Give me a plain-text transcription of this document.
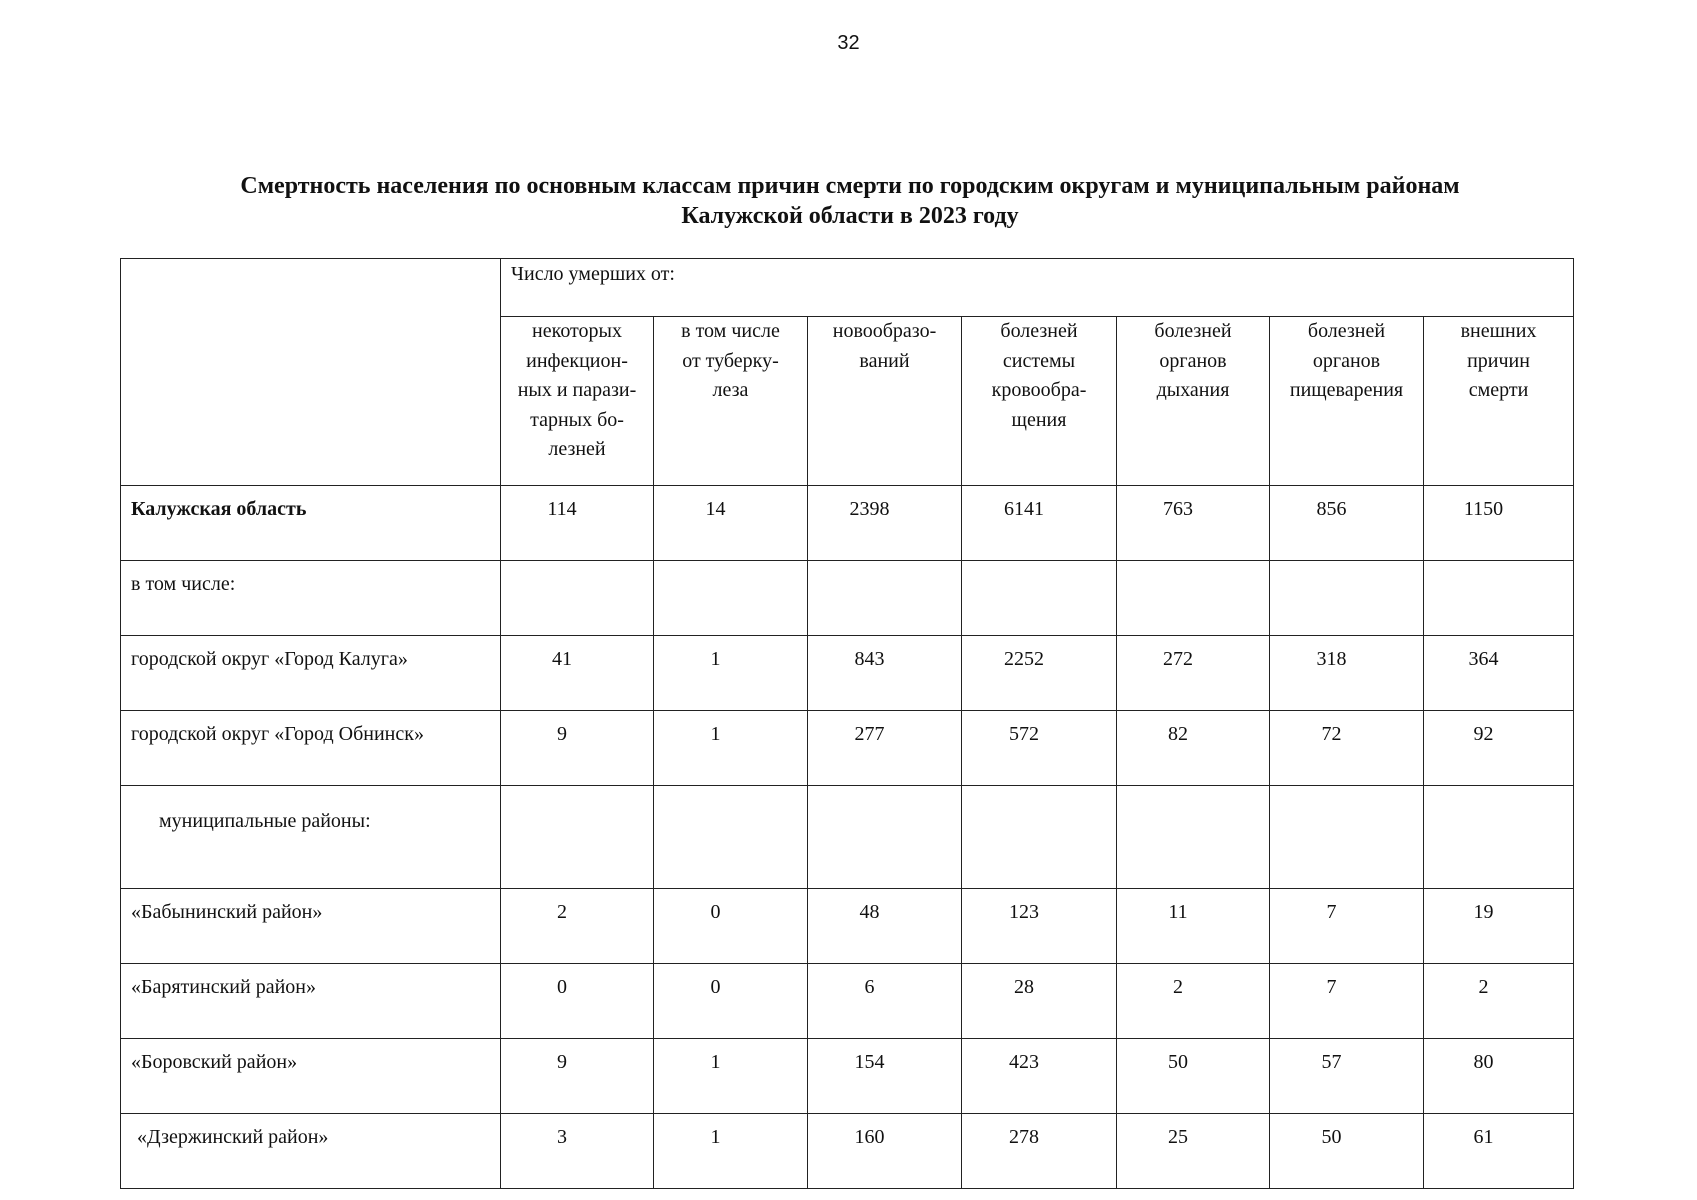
32
Смертность населения по основным классам причин смерти по городским округам и муниципальным районам
Калужской области в 2023 году
	Число умерших от:						

	некоторых
инфекцион-
ных и парази-
тарных бо-
лезней	в том числе
от туберку-
леза	новообразо-
ваний	болезней
системы
кровообра-
щения	болезней
органов
дыхания	болезней
органов
пищеварения	внешних
причин
смерти

Калужская область	114	14	2398	6141	763	856	1150
в том числе:							
городской округ «Город Калуга»	41	1	843	2252	272	318	364
городской округ «Город Обнинск»	9	1	277	572	82	72	92
муниципальные районы:							
«Бабынинский район»	2	0	48	123	11	7	19
«Барятинский район»	0	0	6	28	2	7	2
«Боровский район»	9	1	154	423	50	57	80
«Дзержинский район»	3	1	160	278	25	50	61
